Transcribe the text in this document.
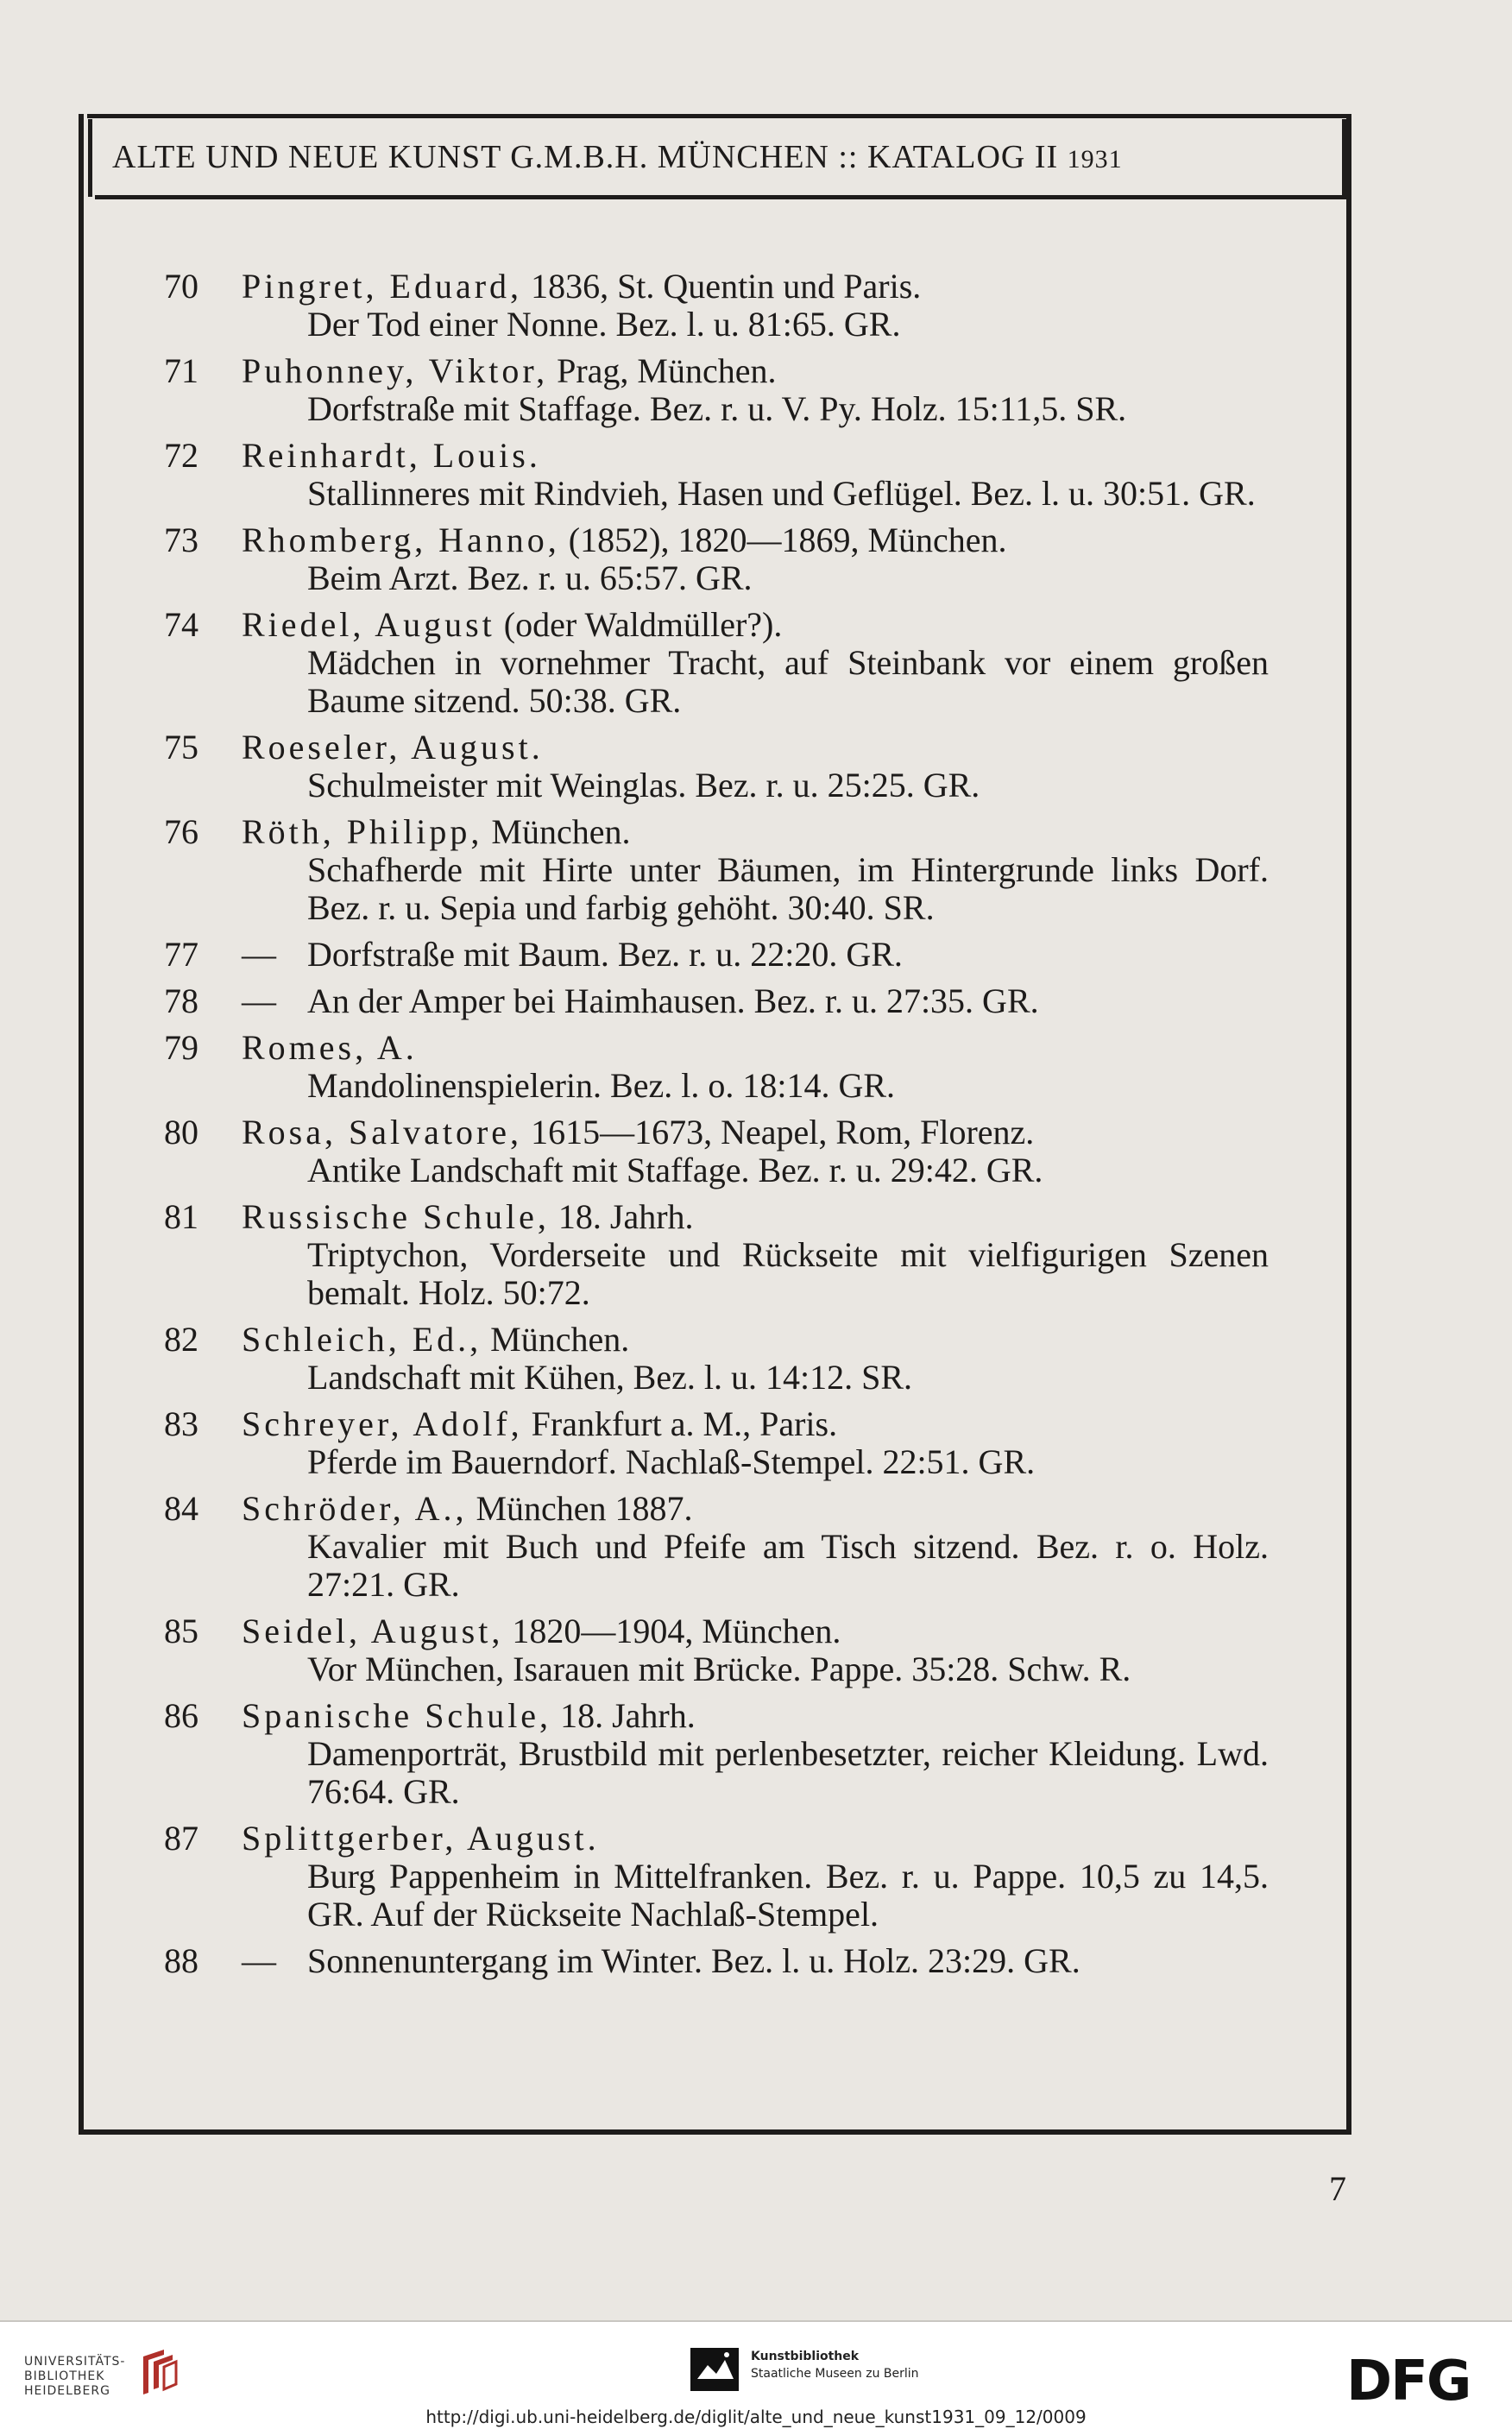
ALTE UND NEUE KUNST G.M.B.H. MÜNCHEN :: KATALOG II 1931
70	Pingret, Eduard, 1836, St. Quentin und Paris.
Der Tod einer Nonne. Bez. l. u. 81:65. GR.
71	Puhonney, Viktor, Prag, München.
Dorfstraße mit Staffage. Bez. r. u. V. Py. Holz. 15:11,5. SR.
72	Reinhardt, Louis.
Stallinneres mit Rindvieh, Hasen und Geflügel. Bez. l. u. 30:51. GR.
73	Rhomberg, Hanno, (1852), 1820—1869, München.
Beim Arzt. Bez. r. u. 65:57. GR.
74	Riedel, August (oder Waldmüller?).
Mädchen in vornehmer Tracht, auf Steinbank vor einem großen Baume sitzend. 50:38. GR.
75	Roeseler, August.
Schulmeister mit Weinglas. Bez. r. u. 25:25. GR.
76	Röth, Philipp, München.
Schafherde mit Hirte unter Bäumen, im Hintergrunde links Dorf. Bez. r. u. Sepia und farbig gehöht. 30:40. SR.
77	— Dorfstraße mit Baum. Bez. r. u. 22:20. GR.
78	— An der Amper bei Haimhausen. Bez. r. u. 27:35. GR.
79	Romes, A.
Mandolinenspielerin. Bez. l. o. 18:14. GR.
80	Rosa, Salvatore, 1615—1673, Neapel, Rom, Florenz.
Antike Landschaft mit Staffage. Bez. r. u. 29:42. GR.
81	Russische Schule, 18. Jahrh.
Triptychon, Vorderseite und Rückseite mit vielfigurigen Szenen bemalt. Holz. 50:72.
82	Schleich, Ed., München.
Landschaft mit Kühen, Bez. l. u. 14:12. SR.
83	Schreyer, Adolf, Frankfurt a. M., Paris.
Pferde im Bauerndorf. Nachlaß-Stempel. 22:51. GR.
84	Schröder, A., München 1887.
Kavalier mit Buch und Pfeife am Tisch sitzend. Bez. r. o. Holz. 27:21. GR.
85	Seidel, August, 1820—1904, München.
Vor München, Isarauen mit Brücke. Pappe. 35:28. Schw. R.
86	Spanische Schule, 18. Jahrh.
Damenporträt, Brustbild mit perlenbesetzter, reicher Kleidung. Lwd. 76:64. GR.
87	Splittgerber, August.
Burg Pappenheim in Mittelfranken. Bez. r. u. Pappe. 10,5 zu 14,5. GR. Auf der Rückseite Nachlaß-Stempel.
88	— Sonnenuntergang im Winter. Bez. l. u. Holz. 23:29. GR.
7
UNIVERSITÄTS-
BIBLIOTHEK
HEIDELBERG
Kunstbibliothek
Staatliche Museen zu Berlin	DFG
http://digi.ub.uni-heidelberg.de/diglit/alte_und_neue_kunst1931_09_12/0009
